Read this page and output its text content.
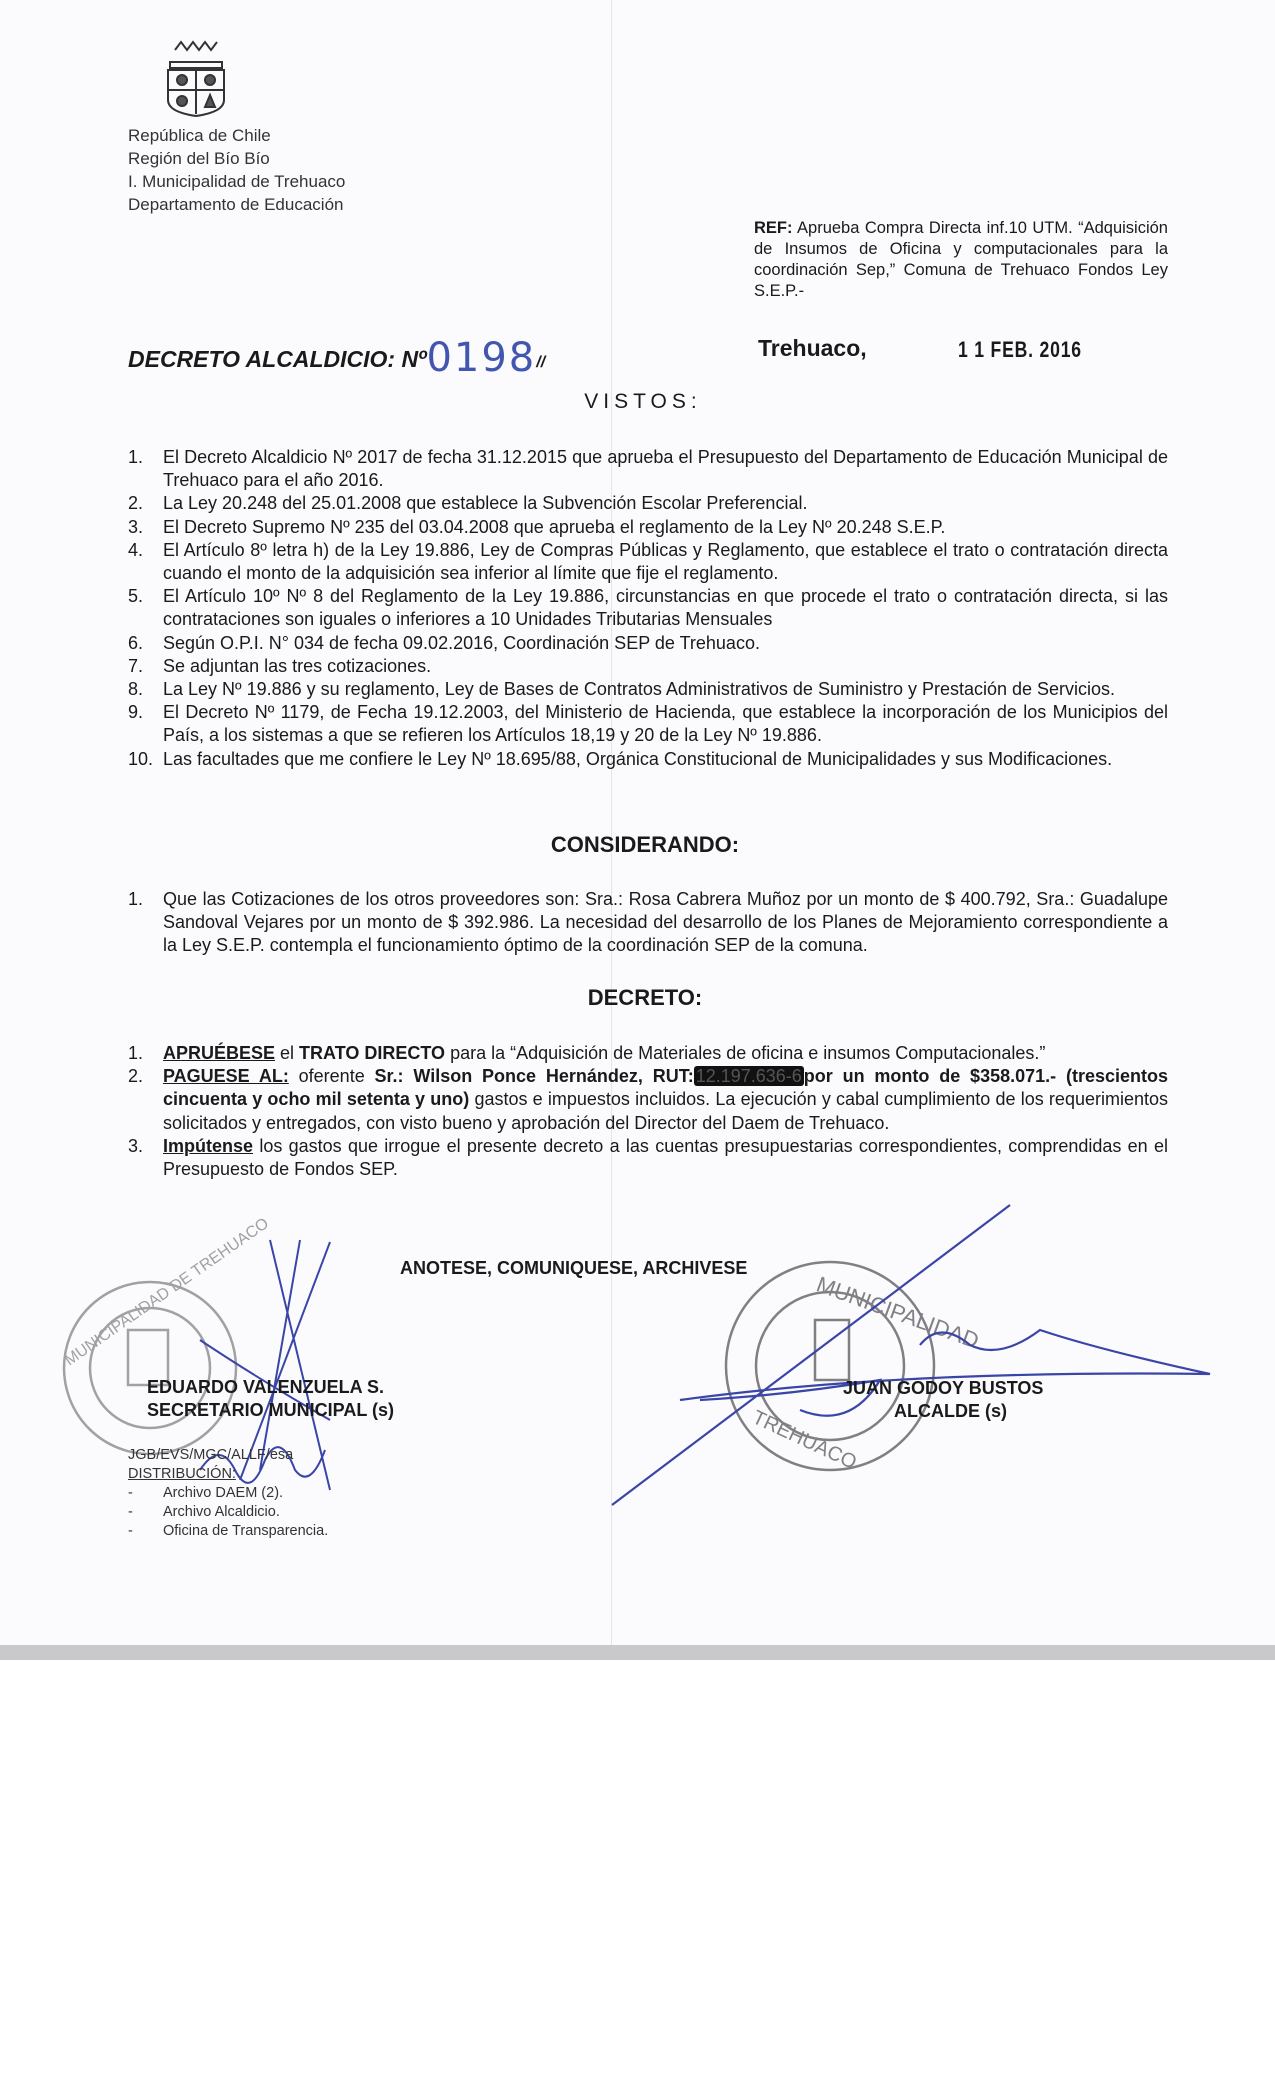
MUNICIPALIDAD DE TREHUACO	MUNICIPALIDAD
TREHUACO
República de Chile
Región del Bío Bío
I. Municipalidad de Trehuaco
Departamento de Educación
REF: Aprueba Compra Directa inf.10 UTM. “Adquisición de Insumos de Oficina y computacionales para la coordinación Sep,” Comuna de Trehuaco Fondos Ley S.E.P.-
DECRETO ALCALDICIO: Nº0198//
Trehuaco,	1 1 FEB. 2016
VISTOS:
1. El Decreto Alcaldicio Nº 2017 de fecha 31.12.2015 que aprueba el Presupuesto del Departamento de Educación Municipal de Trehuaco para el año 2016.
2. La Ley 20.248 del 25.01.2008 que establece la Subvención Escolar Preferencial.
3. El Decreto Supremo Nº 235 del 03.04.2008 que aprueba el reglamento de la Ley Nº 20.248 S.E.P.
4. El Artículo 8º letra h) de la Ley 19.886, Ley de Compras Públicas y Reglamento, que establece el trato o contratación directa cuando el monto de la adquisición sea inferior al límite que fije el reglamento.
5. El Artículo 10º Nº 8 del Reglamento de la Ley 19.886, circunstancias en que procede el trato o contratación directa, si las contrataciones son iguales o inferiores a 10 Unidades Tributarias Mensuales
6. Según O.P.I. N° 034 de fecha 09.02.2016, Coordinación SEP de Trehuaco.
7. Se adjuntan las tres cotizaciones.
8. La Ley Nº 19.886 y su reglamento, Ley de Bases de Contratos Administrativos de Suministro y Prestación de Servicios.
9. El Decreto Nº 1179, de Fecha 19.12.2003, del Ministerio de Hacienda, que establece la incorporación de los Municipios del País, a los sistemas a que se refieren los Artículos 18,19 y 20 de la Ley Nº 19.886.
10. Las facultades que me confiere le Ley Nº 18.695/88, Orgánica Constitucional de Municipalidades y sus Modificaciones.
CONSIDERANDO:
1. Que las Cotizaciones de los otros proveedores son: Sra.: Rosa Cabrera Muñoz por un monto de $ 400.792, Sra.: Guadalupe Sandoval Vejares por un monto de $ 392.986. La necesidad del desarrollo de los Planes de Mejoramiento correspondiente a la Ley S.E.P. contempla el funcionamiento óptimo de la coordinación SEP de la comuna.
DECRETO:
1. APRUÉBESE el TRATO DIRECTO para la “Adquisición de Materiales de oficina e insumos Computacionales.”
2. PAGUESE AL: oferente Sr.: Wilson Ponce Hernández, RUT: 12.197.636-6 por un monto de $358.071.- (trescientos cincuenta y ocho mil setenta y uno) gastos e impuestos incluidos. La ejecución y cabal cumplimiento de los requerimientos solicitados y entregados, con visto bueno y aprobación del Director del Daem de Trehuaco.
3. Impútense los gastos que irrogue el presente decreto a las cuentas presupuestarias correspondientes, comprendidas en el Presupuesto de Fondos SEP.
ANOTESE, COMUNIQUESE, ARCHIVESE
EDUARDO VALENZUELA S.
SECRETARIO MUNICIPAL (s)
JUAN GODOY BUSTOS
ALCALDE (s)
JGB/EVS/MGC/ALLF/esa
DISTRIBUCIÓN:
- Archivo DAEM (2).
- Archivo Alcaldicio.
- Oficina de Transparencia.
